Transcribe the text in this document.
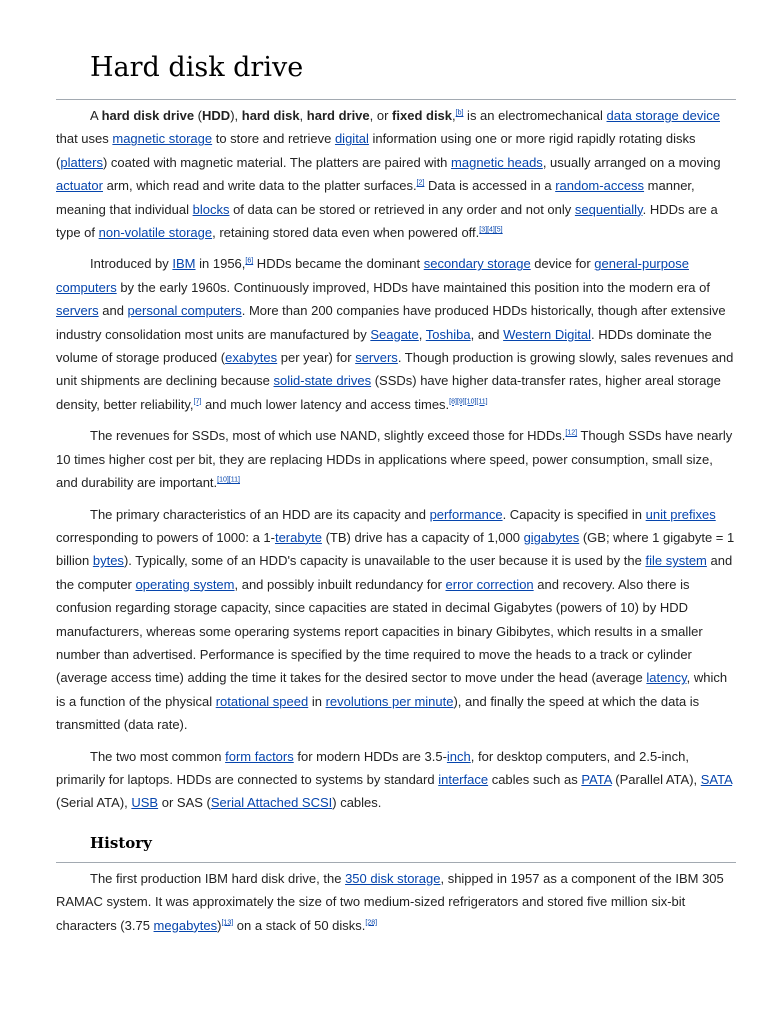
Hard disk drive

A hard disk drive (HDD), hard disk, hard drive, or fixed disk,[b] is an electromechanical data storage device that uses magnetic storage to store and retrieve digital information using one or more rigid rapidly rotating disks (platters) coated with magnetic material. The platters are paired with magnetic heads, usually arranged on a moving actuator arm, which read and write data to the platter surfaces.[2] Data is accessed in a random-access manner, meaning that individual blocks of data can be stored or retrieved in any order and not only sequentially. HDDs are a type of non-volatile storage, retaining stored data even when powered off.[3][4][5]

Introduced by IBM in 1956,[6] HDDs became the dominant secondary storage device for general-purpose computers by the early 1960s. Continuously improved, HDDs have maintained this position into the modern era of servers and personal computers. More than 200 companies have produced HDDs historically, though after extensive industry consolidation most units are manufactured by Seagate, Toshiba, and Western Digital. HDDs dominate the volume of storage produced (exabytes per year) for servers. Though production is growing slowly, sales revenues and unit shipments are declining because solid-state drives (SSDs) have higher data-transfer rates, higher areal storage density, better reliability,[7] and much lower latency and access times.[8][9][10][11]

The revenues for SSDs, most of which use NAND, slightly exceed those for HDDs.[12] Though SSDs have nearly 10 times higher cost per bit, they are replacing HDDs in applications where speed, power consumption, small size, and durability are important.[10][11]

The primary characteristics of an HDD are its capacity and performance. Capacity is specified in unit prefixes corresponding to powers of 1000: a 1-terabyte (TB) drive has a capacity of 1,000 gigabytes (GB; where 1 gigabyte = 1 billion bytes). Typically, some of an HDD's capacity is unavailable to the user because it is used by the file system and the computer operating system, and possibly inbuilt redundancy for error correction and recovery. Also there is confusion regarding storage capacity, since capacities are stated in decimal Gigabytes (powers of 10) by HDD manufacturers, whereas some operaring systems report capacities in binary Gibibytes, which results in a smaller number than advertised. Performance is specified by the time required to move the heads to a track or cylinder (average access time) adding the time it takes for the desired sector to move under the head (average latency, which is a function of the physical rotational speed in revolutions per minute), and finally the speed at which the data is transmitted (data rate).

The two most common form factors for modern HDDs are 3.5-inch, for desktop computers, and 2.5-inch, primarily for laptops. HDDs are connected to systems by standard interface cables such as PATA (Parallel ATA), SATA (Serial ATA), USB or SAS (Serial Attached SCSI) cables.

History

The first production IBM hard disk drive, the 350 disk storage, shipped in 1957 as a component of the IBM 305 RAMAC system. It was approximately the size of two medium-sized refrigerators and stored five million six-bit characters (3.75 megabytes)[13] on a stack of 50 disks.[28]
